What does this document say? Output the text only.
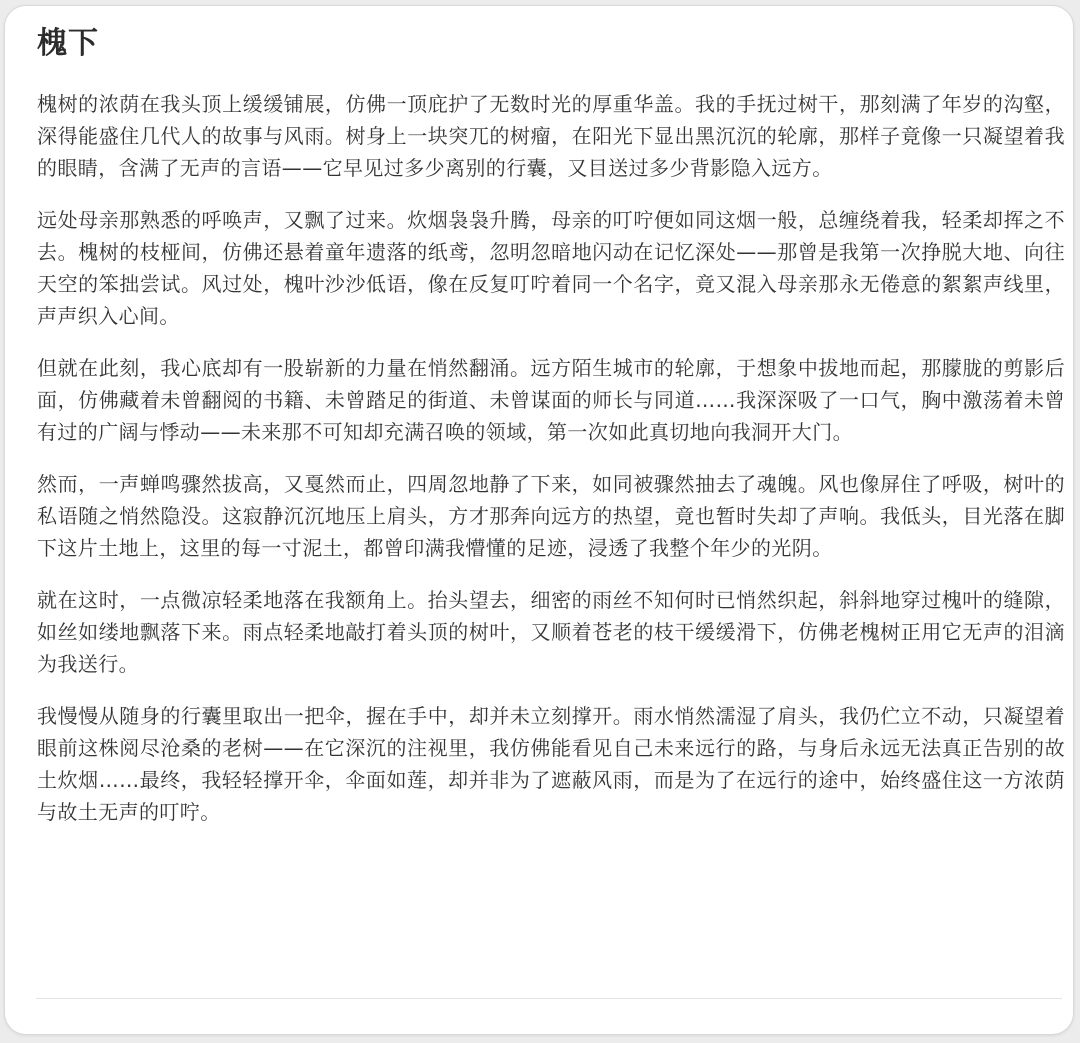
槐下

槐树的浓荫在我头顶上缓缓铺展，仿佛一顶庇护了无数时光的厚重华盖。我的手抚过树干，那刻满了年岁的沟壑，深得能盛住几代人的故事与风雨。树身上一块突兀的树瘤，在阳光下显出黑沉沉的轮廓，那样子竟像一只凝望着我的眼睛，含满了无声的言语——它早见过多少离别的行囊，又目送过多少背影隐入远方。

远处母亲那熟悉的呼唤声，又飘了过来。炊烟袅袅升腾，母亲的叮咛便如同这烟一般，总缠绕着我，轻柔却挥之不去。槐树的枝桠间，仿佛还悬着童年遗落的纸鸢，忽明忽暗地闪动在记忆深处——那曾是我第一次挣脱大地、向往天空的笨拙尝试。风过处，槐叶沙沙低语，像在反复叮咛着同一个名字，竟又混入母亲那永无倦意的絮絮声线里，声声织入心间。

但就在此刻，我心底却有一股崭新的力量在悄然翻涌。远方陌生城市的轮廓，于想象中拔地而起，那朦胧的剪影后面，仿佛藏着未曾翻阅的书籍、未曾踏足的街道、未曾谋面的师长与同道……我深深吸了一口气，胸中激荡着未曾有过的广阔与悸动——未来那不可知却充满召唤的领域，第一次如此真切地向我洞开大门。

然而，一声蝉鸣骤然拔高，又戛然而止，四周忽地静了下来，如同被骤然抽去了魂魄。风也像屏住了呼吸，树叶的私语随之悄然隐没。这寂静沉沉地压上肩头，方才那奔向远方的热望，竟也暂时失却了声响。我低头，目光落在脚下这片土地上，这里的每一寸泥土，都曾印满我懵懂的足迹，浸透了我整个年少的光阴。

就在这时，一点微凉轻柔地落在我额角上。抬头望去，细密的雨丝不知何时已悄然织起，斜斜地穿过槐叶的缝隙，如丝如缕地飘落下来。雨点轻柔地敲打着头顶的树叶，又顺着苍老的枝干缓缓滑下，仿佛老槐树正用它无声的泪滴为我送行。

我慢慢从随身的行囊里取出一把伞，握在手中，却并未立刻撑开。雨水悄然濡湿了肩头，我仍伫立不动，只凝望着眼前这株阅尽沧桑的老树——在它深沉的注视里，我仿佛能看见自己未来远行的路，与身后永远无法真正告别的故土炊烟……最终，我轻轻撑开伞，伞面如莲，却并非为了遮蔽风雨，而是为了在远行的途中，始终盛住这一方浓荫与故土无声的叮咛。
